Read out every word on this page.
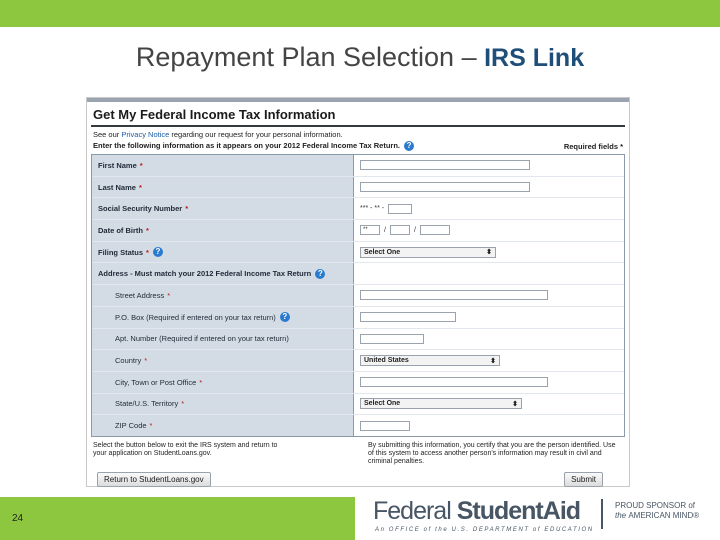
Repayment Plan Selection – IRS Link
Get My Federal Income Tax Information
See our Privacy Notice regarding our request for your personal information.
Enter the following information as it appears on your 2012 Federal Income Tax Return. ?	Required fields *
First Name *
Last Name *
Social Security Number *	*** - ** -
Date of Birth *	**	/	/
Filing Status * ?	Select One	⬍
Address - Must match your 2012 Federal Income Tax Return ?
Street Address *
P.O. Box (Required if entered on your tax return) ?
Apt. Number (Required if entered on your tax return)
Country *	United States	⬍
City, Town or Post Office *
State/U.S. Territory *	Select One	⬍
ZIP Code *
Select the button below to exit the IRS system and return to your application on StudentLoans.gov.
By submitting this information, you certify that you are the person identified. Use of this system to access another person's information may result in civil and criminal penalties.
Return to StudentLoans.gov	Submit
24	Federal StudentAid
An OFFICE of the U.S. DEPARTMENT of EDUCATION
PROUD SPONSOR of
the AMERICAN MIND®
